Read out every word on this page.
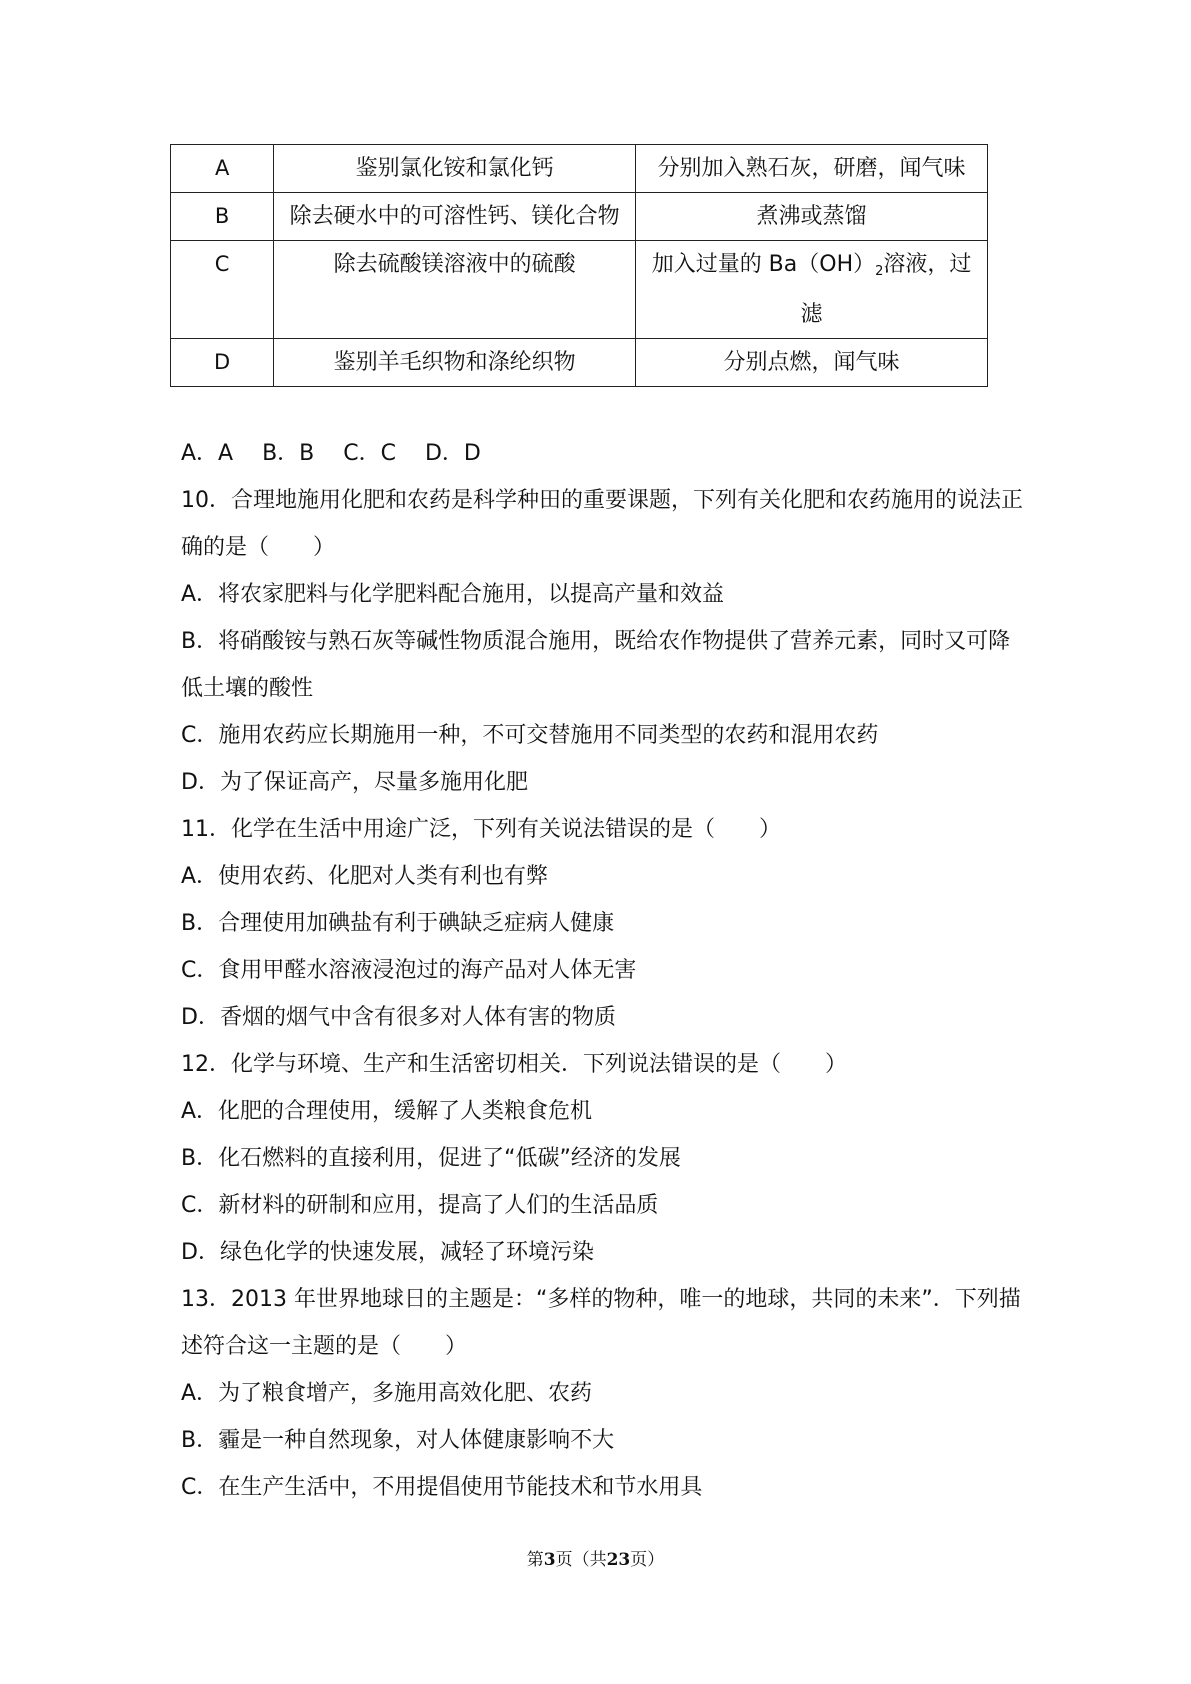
A	鉴别氯化铵和氯化钙	分别加入熟石灰，研磨，闻气味
B	除去硬水中的可溶性钙、镁化合物	煮沸或蒸馏
C	除去硫酸镁溶液中的硫酸	加入过量的 Ba（OH）2溶液，过滤
D	鉴别羊毛织物和涤纶织物	分别点燃，闻气味
A．A　 B．B　 C．C　 D．D
10．合理地施用化肥和农药是科学种田的重要课题，下列有关化肥和农药施用的说法正确的是（　　）
A．将农家肥料与化学肥料配合施用，以提高产量和效益
B．将硝酸铵与熟石灰等碱性物质混合施用，既给农作物提供了营养元素，同时又可降低土壤的酸性
C．施用农药应长期施用一种，不可交替施用不同类型的农药和混用农药
D．为了保证高产，尽量多施用化肥
11．化学在生活中用途广泛，下列有关说法错误的是（　　）
A．使用农药、化肥对人类有利也有弊
B．合理使用加碘盐有利于碘缺乏症病人健康
C．食用甲醛水溶液浸泡过的海产品对人体无害
D．香烟的烟气中含有很多对人体有害的物质
12．化学与环境、生产和生活密切相关．下列说法错误的是（　　）
A．化肥的合理使用，缓解了人类粮食危机
B．化石燃料的直接利用，促进了“低碳”经济的发展
C．新材料的研制和应用，提高了人们的生活品质
D．绿色化学的快速发展，减轻了环境污染
13．2013 年世界地球日的主题是：“多样的物种，唯一的地球，共同的未来”．下列描述符合这一主题的是（　　）
A．为了粮食增产，多施用高效化肥、农药
B．霾是一种自然现象，对人体健康影响不大
C．在生产生活中，不用提倡使用节能技术和节水用具
第3页（共23页）
